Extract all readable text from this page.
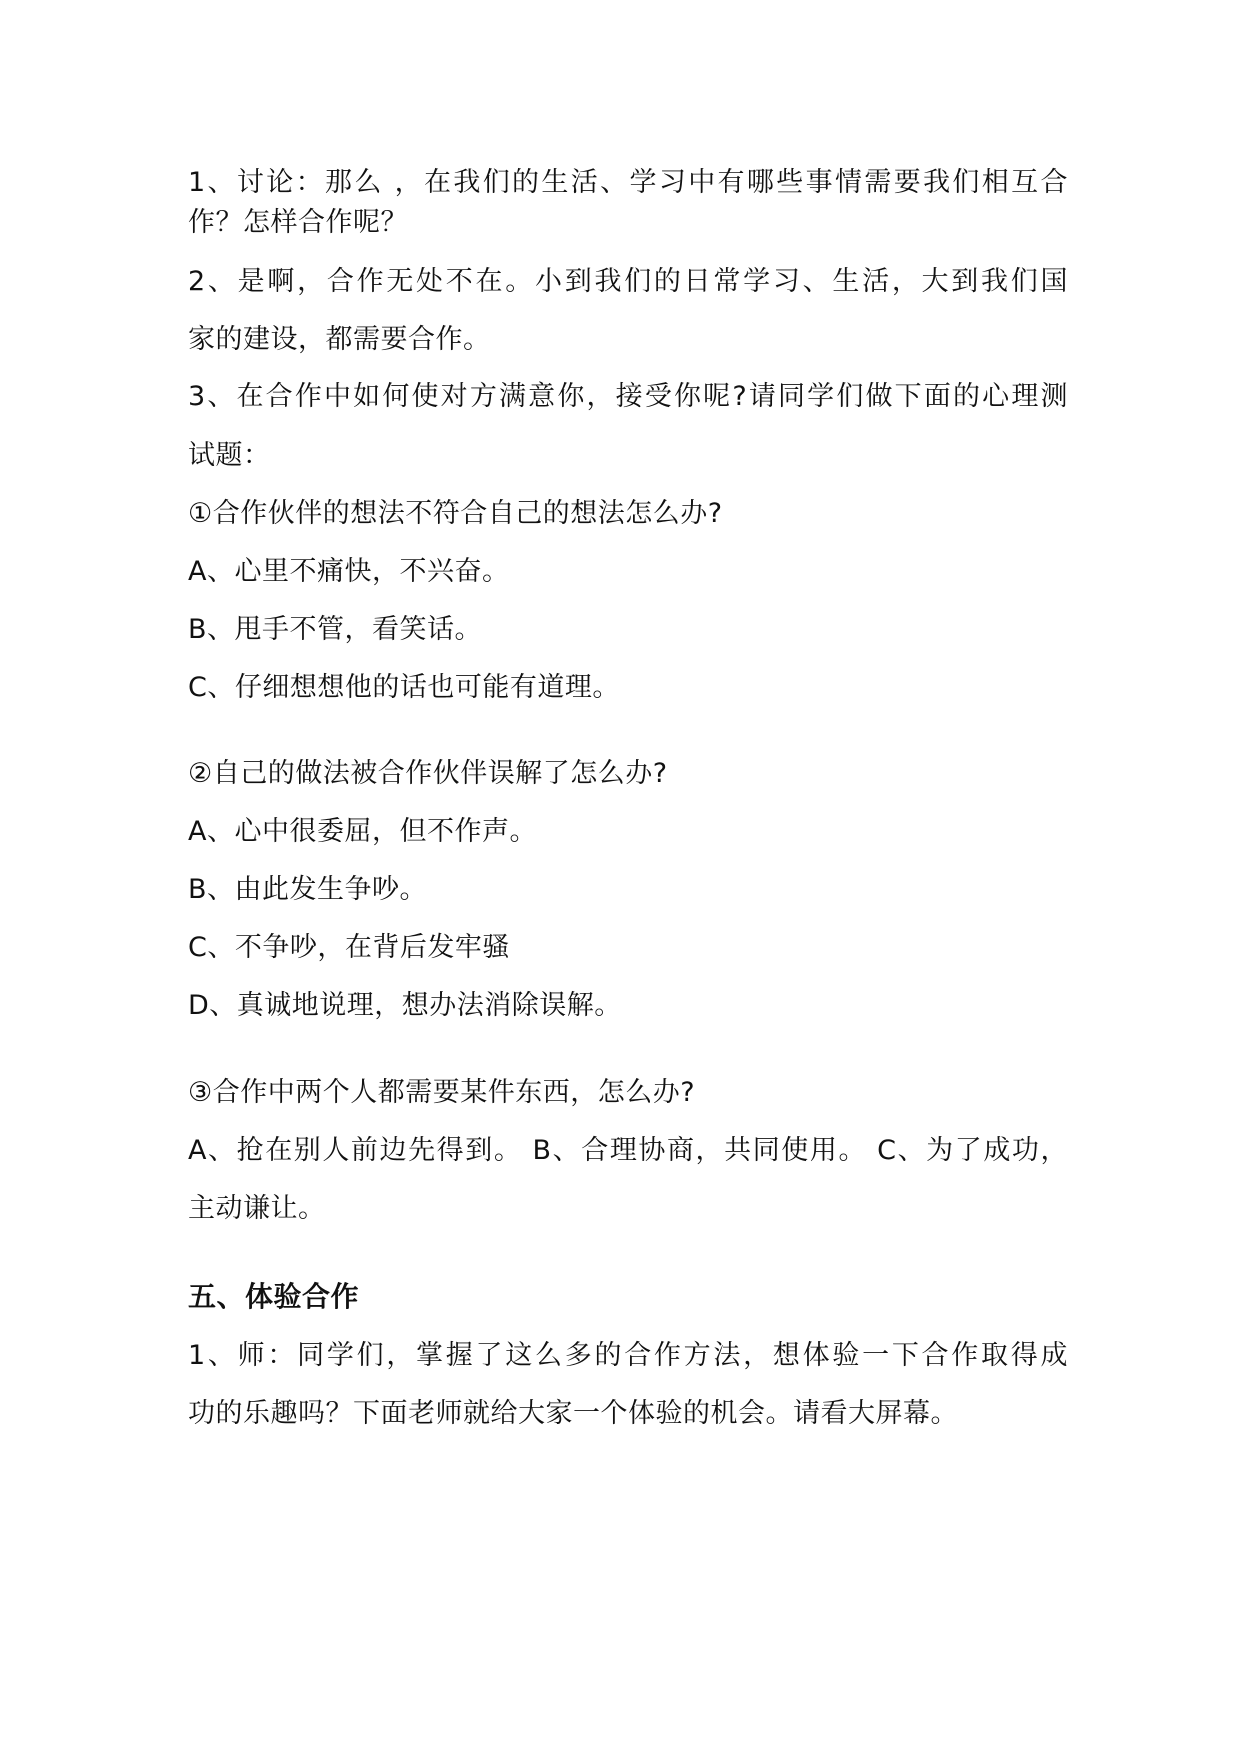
1、讨论：那么 ，在我们的生活、学习中有哪些事情需要我们相互合
作？怎样合作呢？
2、是啊，合作无处不在。小到我们的日常学习、生活，大到我们国
家的建设，都需要合作。
3、在合作中如何使对方满意你，接受你呢?请同学们做下面的心理测
试题：
①合作伙伴的想法不符合自己的想法怎么办?
A、心里不痛快，不兴奋。
B、甩手不管，看笑话。
C、仔细想想他的话也可能有道理。
②自己的做法被合作伙伴误解了怎么办?
A、心中很委屈，但不作声。
B、由此发生争吵。
C、不争吵，在背后发牢骚
D、真诚地说理，想办法消除误解。
③合作中两个人都需要某件东西，怎么办?
A、抢在别人前边先得到。 B、合理协商，共同使用。 C、为了成功，
主动谦让。
五、体验合作
1、师：同学们，掌握了这么多的合作方法，想体验一下合作取得成
功的乐趣吗？下面老师就给大家一个体验的机会。请看大屏幕。
